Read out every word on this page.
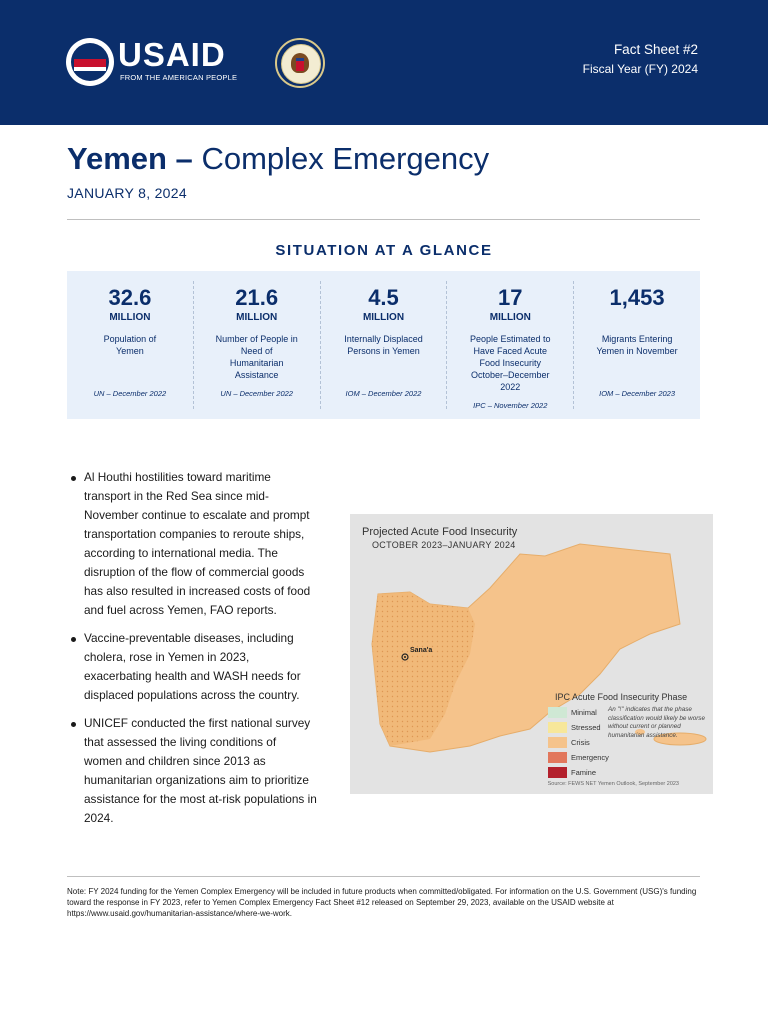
USAID
FROM THE AMERICAN PEOPLE
Fact Sheet #2
Fiscal Year (FY) 2024
Yemen – Complex Emergency
JANUARY 8, 2024
SITUATION AT A GLANCE
32.6
MILLION
Population of Yemen
UN – December 2022
21.6
MILLION
Number of People in Need of Humanitarian Assistance
UN – December 2022
4.5
MILLION
Internally Displaced Persons in Yemen
IOM – December 2022
17
MILLION
People Estimated to Have Faced Acute Food Insecurity October–December 2022
IPC – November 2022
1,453
Migrants Entering Yemen in November
IOM – December 2023
Al Houthi hostilities toward maritime transport in the Red Sea since mid-November continue to escalate and prompt transportation companies to reroute ships, according to international media. The disruption of the flow of commercial goods has also resulted in increased costs of food and fuel across Yemen, FAO reports.
Vaccine-preventable diseases, including cholera, rose in Yemen in 2023, exacerbating health and WASH needs for displaced populations across the country.
UNICEF conducted the first national survey that assessed the living conditions of women and children since 2013 as humanitarian organizations aim to prioritize assistance for the most at-risk populations in 2024.
Projected Acute Food Insecurity
OCTOBER 2023–JANUARY 2024
Sana'a
IPC Acute Food Insecurity Phase
Minimal
Stressed
Crisis
Emergency
Famine
An "!" indicates that the phase classification would likely be worse without current or planned humanitarian assistance.
Source: FEWS NET Yemen Outlook, September 2023
Note: FY 2024 funding for the Yemen Complex Emergency will be included in future products when committed/obligated. For information on the U.S. Government (USG)'s funding toward the response in FY 2023, refer to Yemen Complex Emergency Fact Sheet #12 released on September 29, 2023, available on the USAID website at https://www.usaid.gov/humanitarian-assistance/where-we-work.
